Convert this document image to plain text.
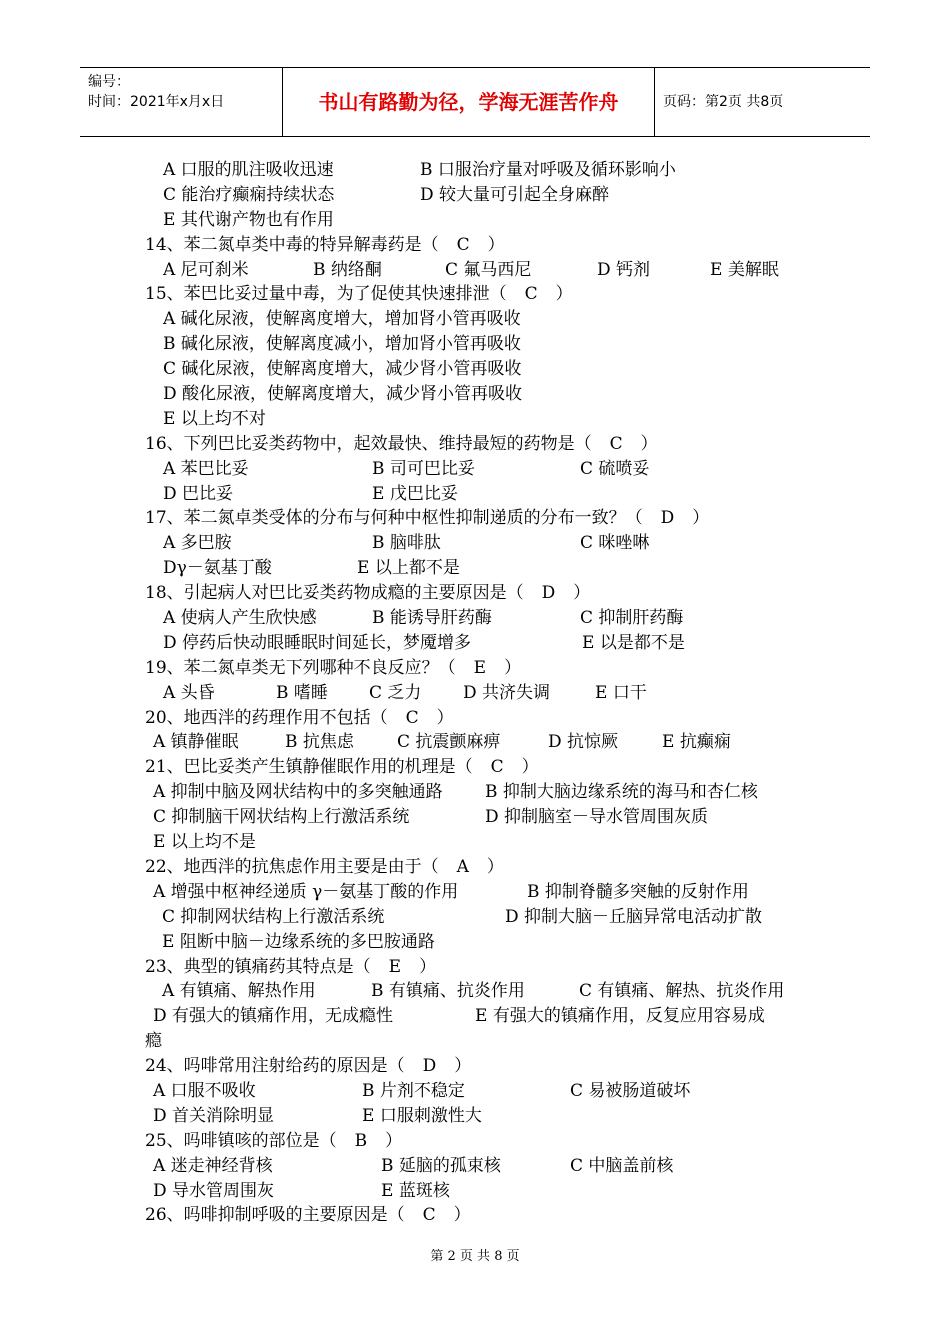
编号：
时间：2021年x月x日	书山有路勤为径，学海无涯苦作舟	页码：第2页 共8页
A 口服的肌注吸收迅速	B 口服治疗量对呼吸及循环影响小
C 能治疗癫痫持续状态	D 较大量可引起全身麻醉
E 其代谢产物也有作用
14、苯二氮卓类中毒的特异解毒药是（ C ）
A 尼可刹米	B 纳络酮	C 氟马西尼	D 钙剂	E 美解眠
15、苯巴比妥过量中毒，为了促使其快速排泄（ C ）
A 碱化尿液，使解离度增大，增加肾小管再吸收
B 碱化尿液，使解离度减小，增加肾小管再吸收
C 碱化尿液，使解离度增大，减少肾小管再吸收
D 酸化尿液，使解离度增大，减少肾小管再吸收
E 以上均不对
16、下列巴比妥类药物中，起效最快、维持最短的药物是（ C ）
A 苯巴比妥	B 司可巴比妥	C 硫喷妥
D 巴比妥	E 戊巴比妥
17、苯二氮卓类受体的分布与何种中枢性抑制递质的分布一致？（ D ）
A 多巴胺	B 脑啡肽	C 咪唑啉
Dγ－氨基丁酸	E 以上都不是
18、引起病人对巴比妥类药物成瘾的主要原因是（ D ）
A 使病人产生欣快感	B 能诱导肝药酶	C 抑制肝药酶
D 停药后快动眼睡眠时间延长，梦魇增多	E 以是都不是
19、苯二氮卓类无下列哪种不良反应？（ E ）
A 头昏	B 嗜睡 C 乏力 D 共济失调	E 口干
20、地西泮的药理作用不包括（ C ）
A 镇静催眠	B 抗焦虑	C 抗震颤麻痹	D 抗惊厥	E 抗癫痫
21、巴比妥类产生镇静催眠作用的机理是（ C ）
A 抑制中脑及网状结构中的多突触通路 B 抑制大脑边缘系统的海马和杏仁核
C 抑制脑干网状结构上行激活系统	D 抑制脑室－导水管周围灰质
E 以上均不是
22、地西泮的抗焦虑作用主要是由于（ A ）
A 增强中枢神经递质 γ－氨基丁酸的作用	B 抑制脊髓多突触的反射作用
C 抑制网状结构上行激活系统	D 抑制大脑－丘脑异常电活动扩散
E 阻断中脑－边缘系统的多巴胺通路
23、典型的镇痛药其特点是（ E ）
A 有镇痛、解热作用	B 有镇痛、抗炎作用	C 有镇痛、解热、抗炎作用
D 有强大的镇痛作用，无成瘾性	E 有强大的镇痛作用，反复应用容易成
瘾
24、吗啡常用注射给药的原因是（ D ）
A 口服不吸收	B 片剂不稳定	C 易被肠道破坏
D 首关消除明显	E 口服刺激性大
25、吗啡镇咳的部位是（ B ）
A 迷走神经背核	B 延脑的孤束核	C 中脑盖前核
D 导水管周围灰	E 蓝斑核
26、吗啡抑制呼吸的主要原因是（ C ）
第 2 页 共 8 页
